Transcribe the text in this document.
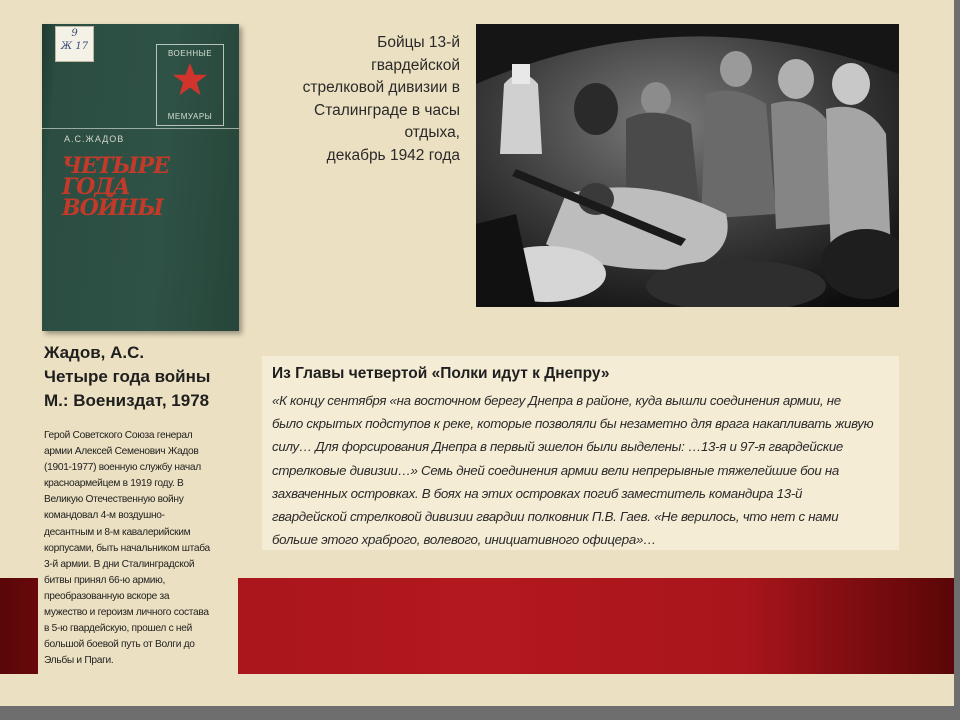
9
Ж 17
ВОЕННЫЕ
МЕМУАРЫ
А.С.ЖАДОВ
ЧЕТЫРЕ
ГОДА
ВОЙНЫ
Бойцы 13-й
гвардейской
стрелковой дивизии в
Сталинграде в часы
отдыха,
декабрь 1942 года
Жадов, А.С.
Четыре года войны
М.: Воениздат, 1978
Герой Советского Союза генерал
армии Алексей Семенович Жадов
(1901-1977) военную службу начал
красноармейцем в 1919 году. В
Великую Отечественную войну
командовал 4-м воздушно-
десантным и 8-м кавалерийским
корпусами, быть начальником штаба
3-й армии. В дни Сталинградской
битвы принял 66-ю армию,
преобразованную вскоре за
мужество и героизм личного состава
в 5-ю гвардейскую, прошел с ней
большой боевой путь от Волги до
Эльбы и Праги.
Из Главы четвертой «Полки идут к Днепру»
«К концу сентября «на восточном берегу Днепра в районе, куда вышли соединения армии, не
было скрытых подступов к реке, которые позволяли бы незаметно для врага накапливать живую
силу… Для форсирования Днепра в первый эшелон были выделены: …13-я и 97-я гвардейские
стрелковые дивизии…» Семь дней соединения армии вели непрерывные тяжелейшие бои на
захваченных островках. В боях на этих островках погиб заместитель командира 13-й
гвардейской стрелковой дивизии гвардии полковник П.В. Гаев. «Не верилось, что нет с нами
больше этого храброго, волевого, инициативного офицера»…
